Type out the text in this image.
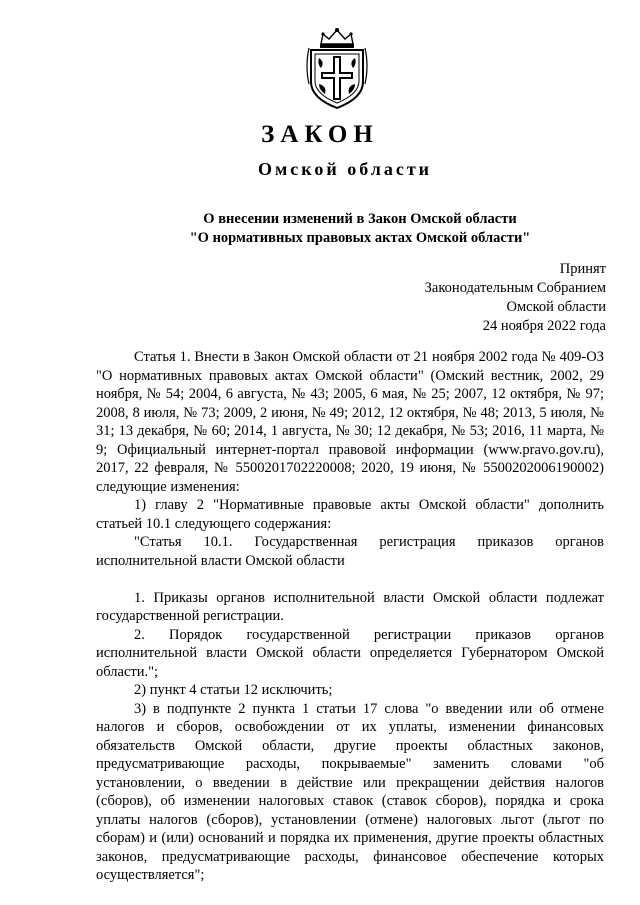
ЗАКОН
Омской области
О внесении изменений в Закон Омской области
"О нормативных правовых актах Омской области"
Принят
Законодательным Собранием
Омской области
24 ноября 2022 года

Статья 1. Внести в Закон Омской области от 21 ноября 2002 года № 409-ОЗ "О нормативных правовых актах Омской области" (Омский вестник, 2002, 29 ноября, № 54; 2004, 6 августа, № 43; 2005, 6 мая, № 25; 2007, 12 октября, № 97; 2008, 8 июля, № 73; 2009, 2 июня, № 49; 2012, 12 октября, № 48; 2013, 5 июля, № 31; 13 декабря, № 60; 2014, 1 августа, № 30; 12 декабря, № 53; 2016, 11 марта, № 9; Официальный интернет-портал правовой информации (www.pravo.gov.ru), 2017, 22 февраля, № 5500201702220008; 2020, 19 июня, № 5500202006190002) следующие изменения:

1) главу 2 "Нормативные правовые акты Омской области" дополнить статьей 10.1 следующего содержания:

"Статья 10.1. Государственная регистрация приказов органов исполнительной власти Омской области

1. Приказы органов исполнительной власти Омской области подлежат государственной регистрации.

2. Порядок государственной регистрации приказов органов исполнительной власти Омской области определяется Губернатором Омской области.";

2) пункт 4 статьи 12 исключить;

3) в подпункте 2 пункта 1 статьи 17 слова "о введении или об отмене налогов и сборов, освобождении от их уплаты, изменении финансовых обязательств Омской области, другие проекты областных законов, предусматривающие расходы, покрываемые" заменить словами "об установлении, о введении в действие или прекращении действия налогов (сборов), об изменении налоговых ставок (ставок сборов), порядка и срока уплаты налогов (сборов), установлении (отмене) налоговых льгот (льгот по сборам) и (или) оснований и порядка их применения, другие проекты областных законов, предусматривающие расходы, финансовое обеспечение которых осуществляется";
